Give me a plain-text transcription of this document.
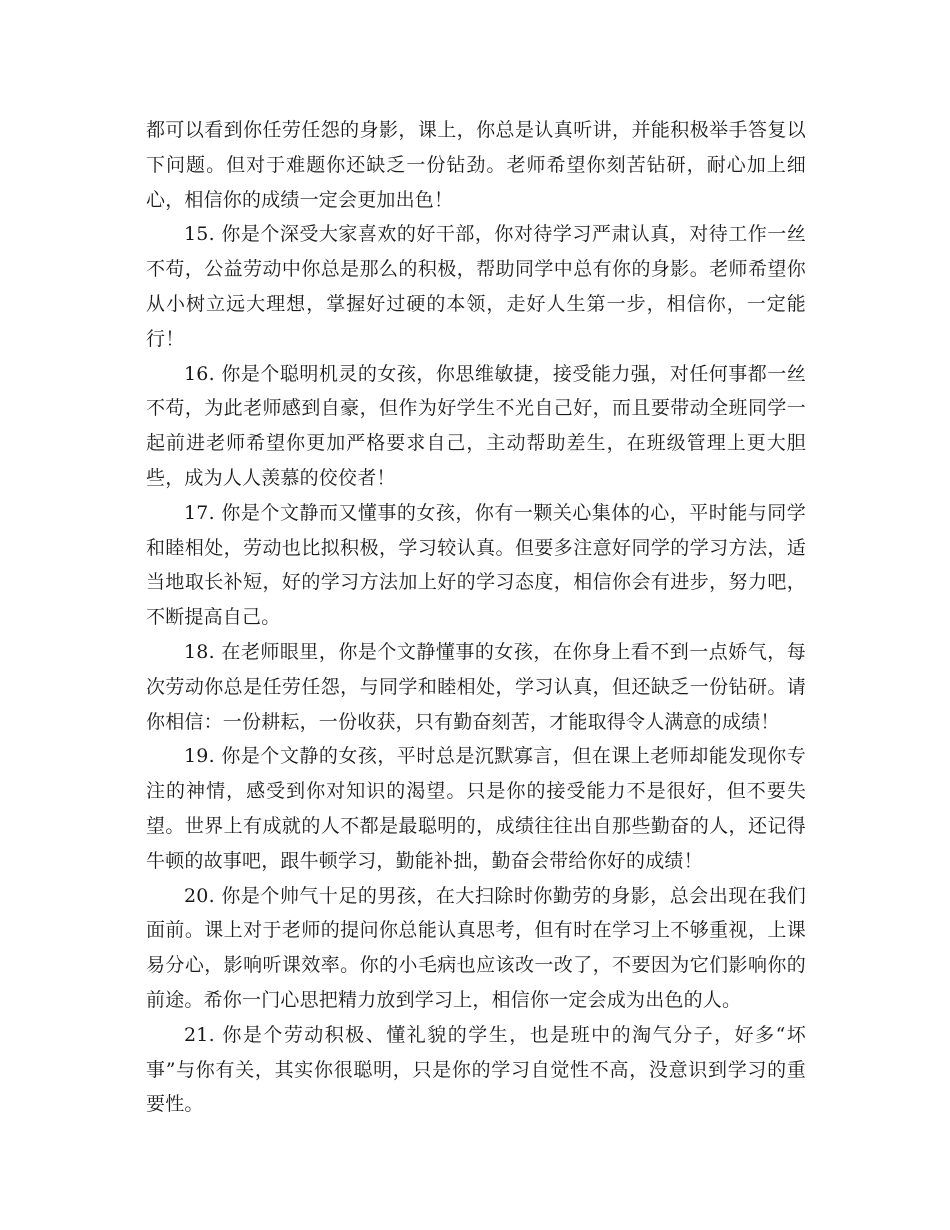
都可以看到你任劳任怨的身影，课上，你总是认真听讲，并能积极举手答复以下问题。但对于难题你还缺乏一份钻劲。老师希望你刻苦钻研，耐心加上细心，相信你的成绩一定会更加出色！

15. 你是个深受大家喜欢的好干部，你对待学习严肃认真，对待工作一丝不苟，公益劳动中你总是那么的积极，帮助同学中总有你的身影。老师希望你从小树立远大理想，掌握好过硬的本领，走好人生第一步，相信你，一定能行！

16. 你是个聪明机灵的女孩，你思维敏捷，接受能力强，对任何事都一丝不苟，为此老师感到自豪，但作为好学生不光自己好，而且要带动全班同学一起前进老师希望你更加严格要求自己，主动帮助差生，在班级管理上更大胆些，成为人人羡慕的佼佼者！

17. 你是个文静而又懂事的女孩，你有一颗关心集体的心，平时能与同学和睦相处，劳动也比拟积极，学习较认真。但要多注意好同学的学习方法，适当地取长补短，好的学习方法加上好的学习态度，相信你会有进步，努力吧，不断提高自己。

18. 在老师眼里，你是个文静懂事的女孩，在你身上看不到一点娇气，每次劳动你总是任劳任怨，与同学和睦相处，学习认真，但还缺乏一份钻研。请你相信：一份耕耘，一份收获，只有勤奋刻苦，才能取得令人满意的成绩！

19. 你是个文静的女孩，平时总是沉默寡言，但在课上老师却能发现你专注的神情，感受到你对知识的渴望。只是你的接受能力不是很好，但不要失望。世界上有成就的人不都是最聪明的，成绩往往出自那些勤奋的人，还记得牛顿的故事吧，跟牛顿学习，勤能补拙，勤奋会带给你好的成绩！

20. 你是个帅气十足的男孩，在大扫除时你勤劳的身影，总会出现在我们面前。课上对于老师的提问你总能认真思考，但有时在学习上不够重视，上课易分心，影响听课效率。你的小毛病也应该改一改了，不要因为它们影响你的前途。希你一门心思把精力放到学习上，相信你一定会成为出色的人。

21. 你是个劳动积极、懂礼貌的学生，也是班中的淘气分子，好多“坏事”与你有关，其实你很聪明，只是你的学习自觉性不高，没意识到学习的重要性。
